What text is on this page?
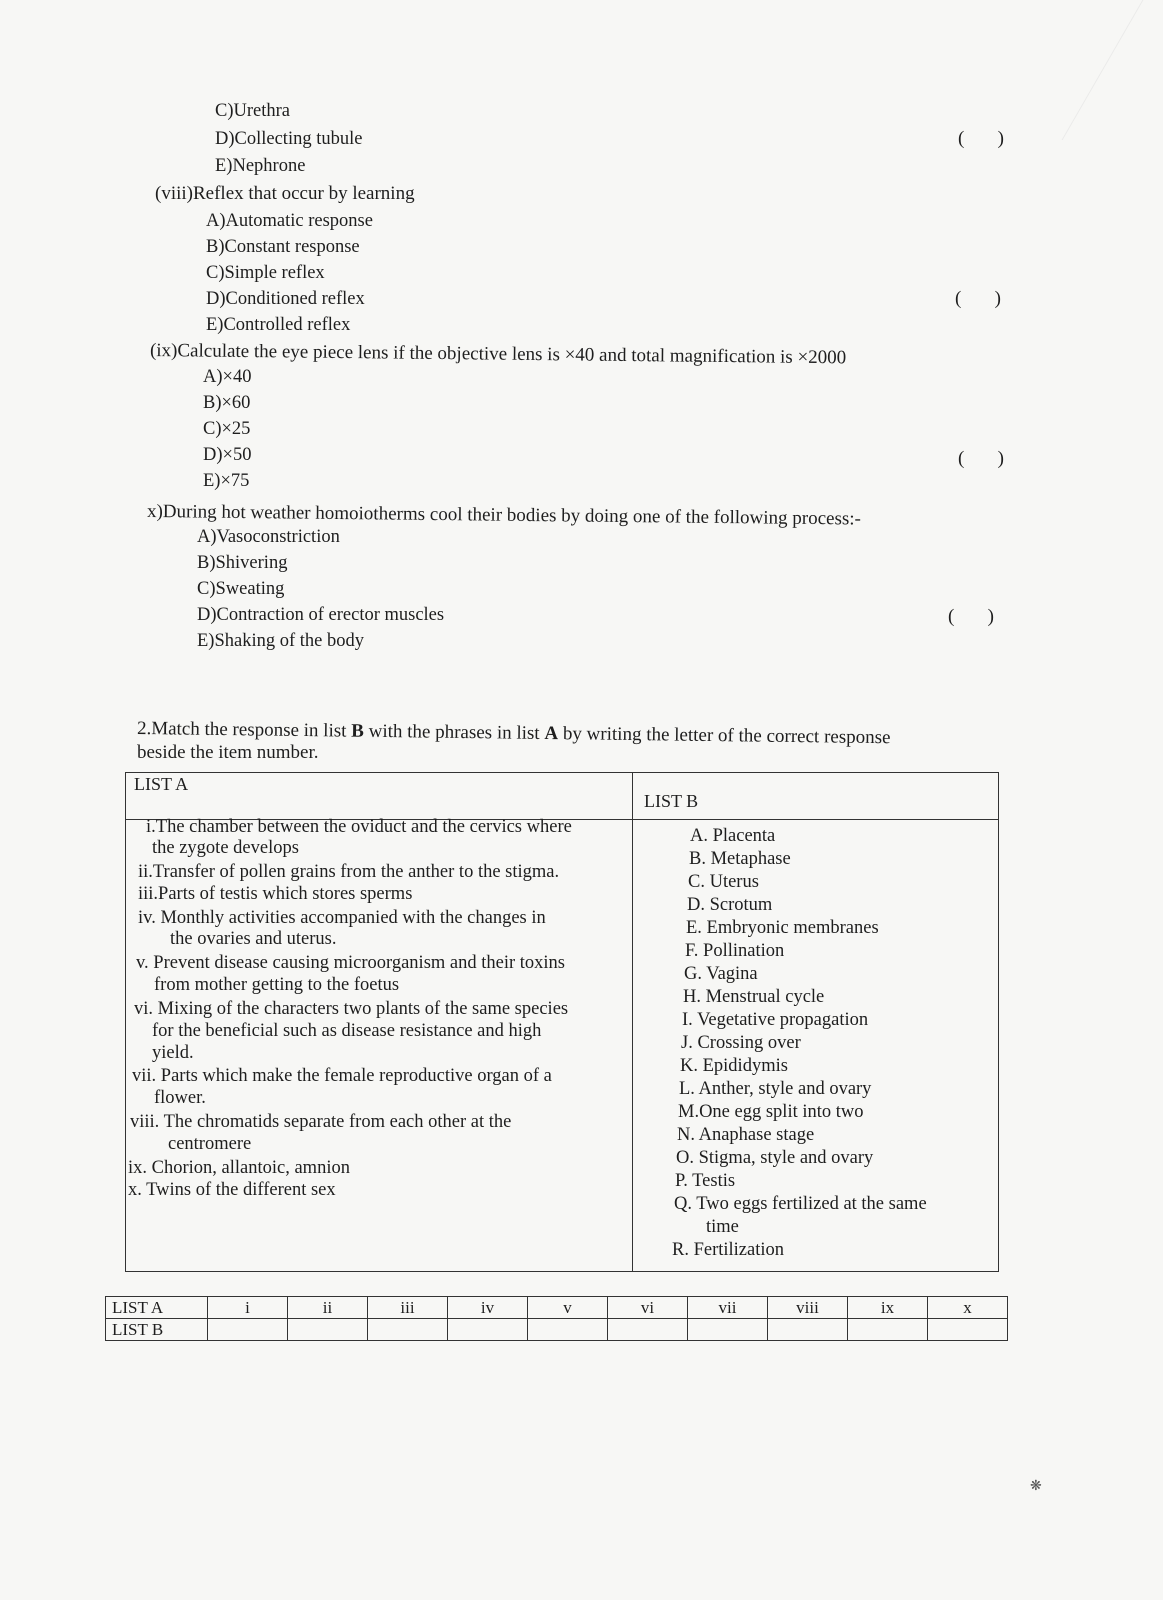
C)Urethra
D)Collecting tubule
E)Nephrone
(       )
(viii)Reflex that occur by learning
A)Automatic response
B)Constant response
C)Simple reflex
D)Conditioned reflex
E)Controlled reflex
(       )
(ix)Calculate the eye piece lens if the objective lens is ×40 and total magnification is ×2000
A)×40
B)×60
C)×25
D)×50
E)×75
(       )
x)During hot weather homoiotherms cool their bodies by doing one of the following process:-
A)Vasoconstriction
B)Shivering
C)Sweating
D)Contraction of erector muscles
E)Shaking of the body
(       )
2.Match the response in list B with the phrases in list A by writing the letter of the correct response
beside the item number.
LIST A
LIST B
i.The chamber between the oviduct and the cervics where
the zygote develops
ii.Transfer of pollen grains from the anther to the stigma.
iii.Parts of testis which stores sperms
iv. Monthly activities accompanied with the changes in
the ovaries and uterus.
v. Prevent disease causing microorganism and their toxins
from mother getting to the foetus
vi. Mixing of the characters two plants of the same species
for the beneficial such as disease resistance and high
yield.
vii. Parts which make the female reproductive organ of a
flower.
viii. The chromatids separate from each other at the
centromere
ix. Chorion, allantoic, amnion
x. Twins of the different sex
A. Placenta
B. Metaphase
C. Uterus
D. Scrotum
E. Embryonic membranes
F. Pollination
G. Vagina
H. Menstrual cycle
I. Vegetative propagation
J. Crossing over
K. Epididymis
L. Anther, style and ovary
M.One egg split into two
N. Anaphase stage
O. Stigma, style and ovary
P. Testis
Q. Two eggs fertilized at the same
time
R. Fertilization
LIST A	i	ii	iii	iv	v	vi	vii	viii	ix	x
LIST B										
❋
